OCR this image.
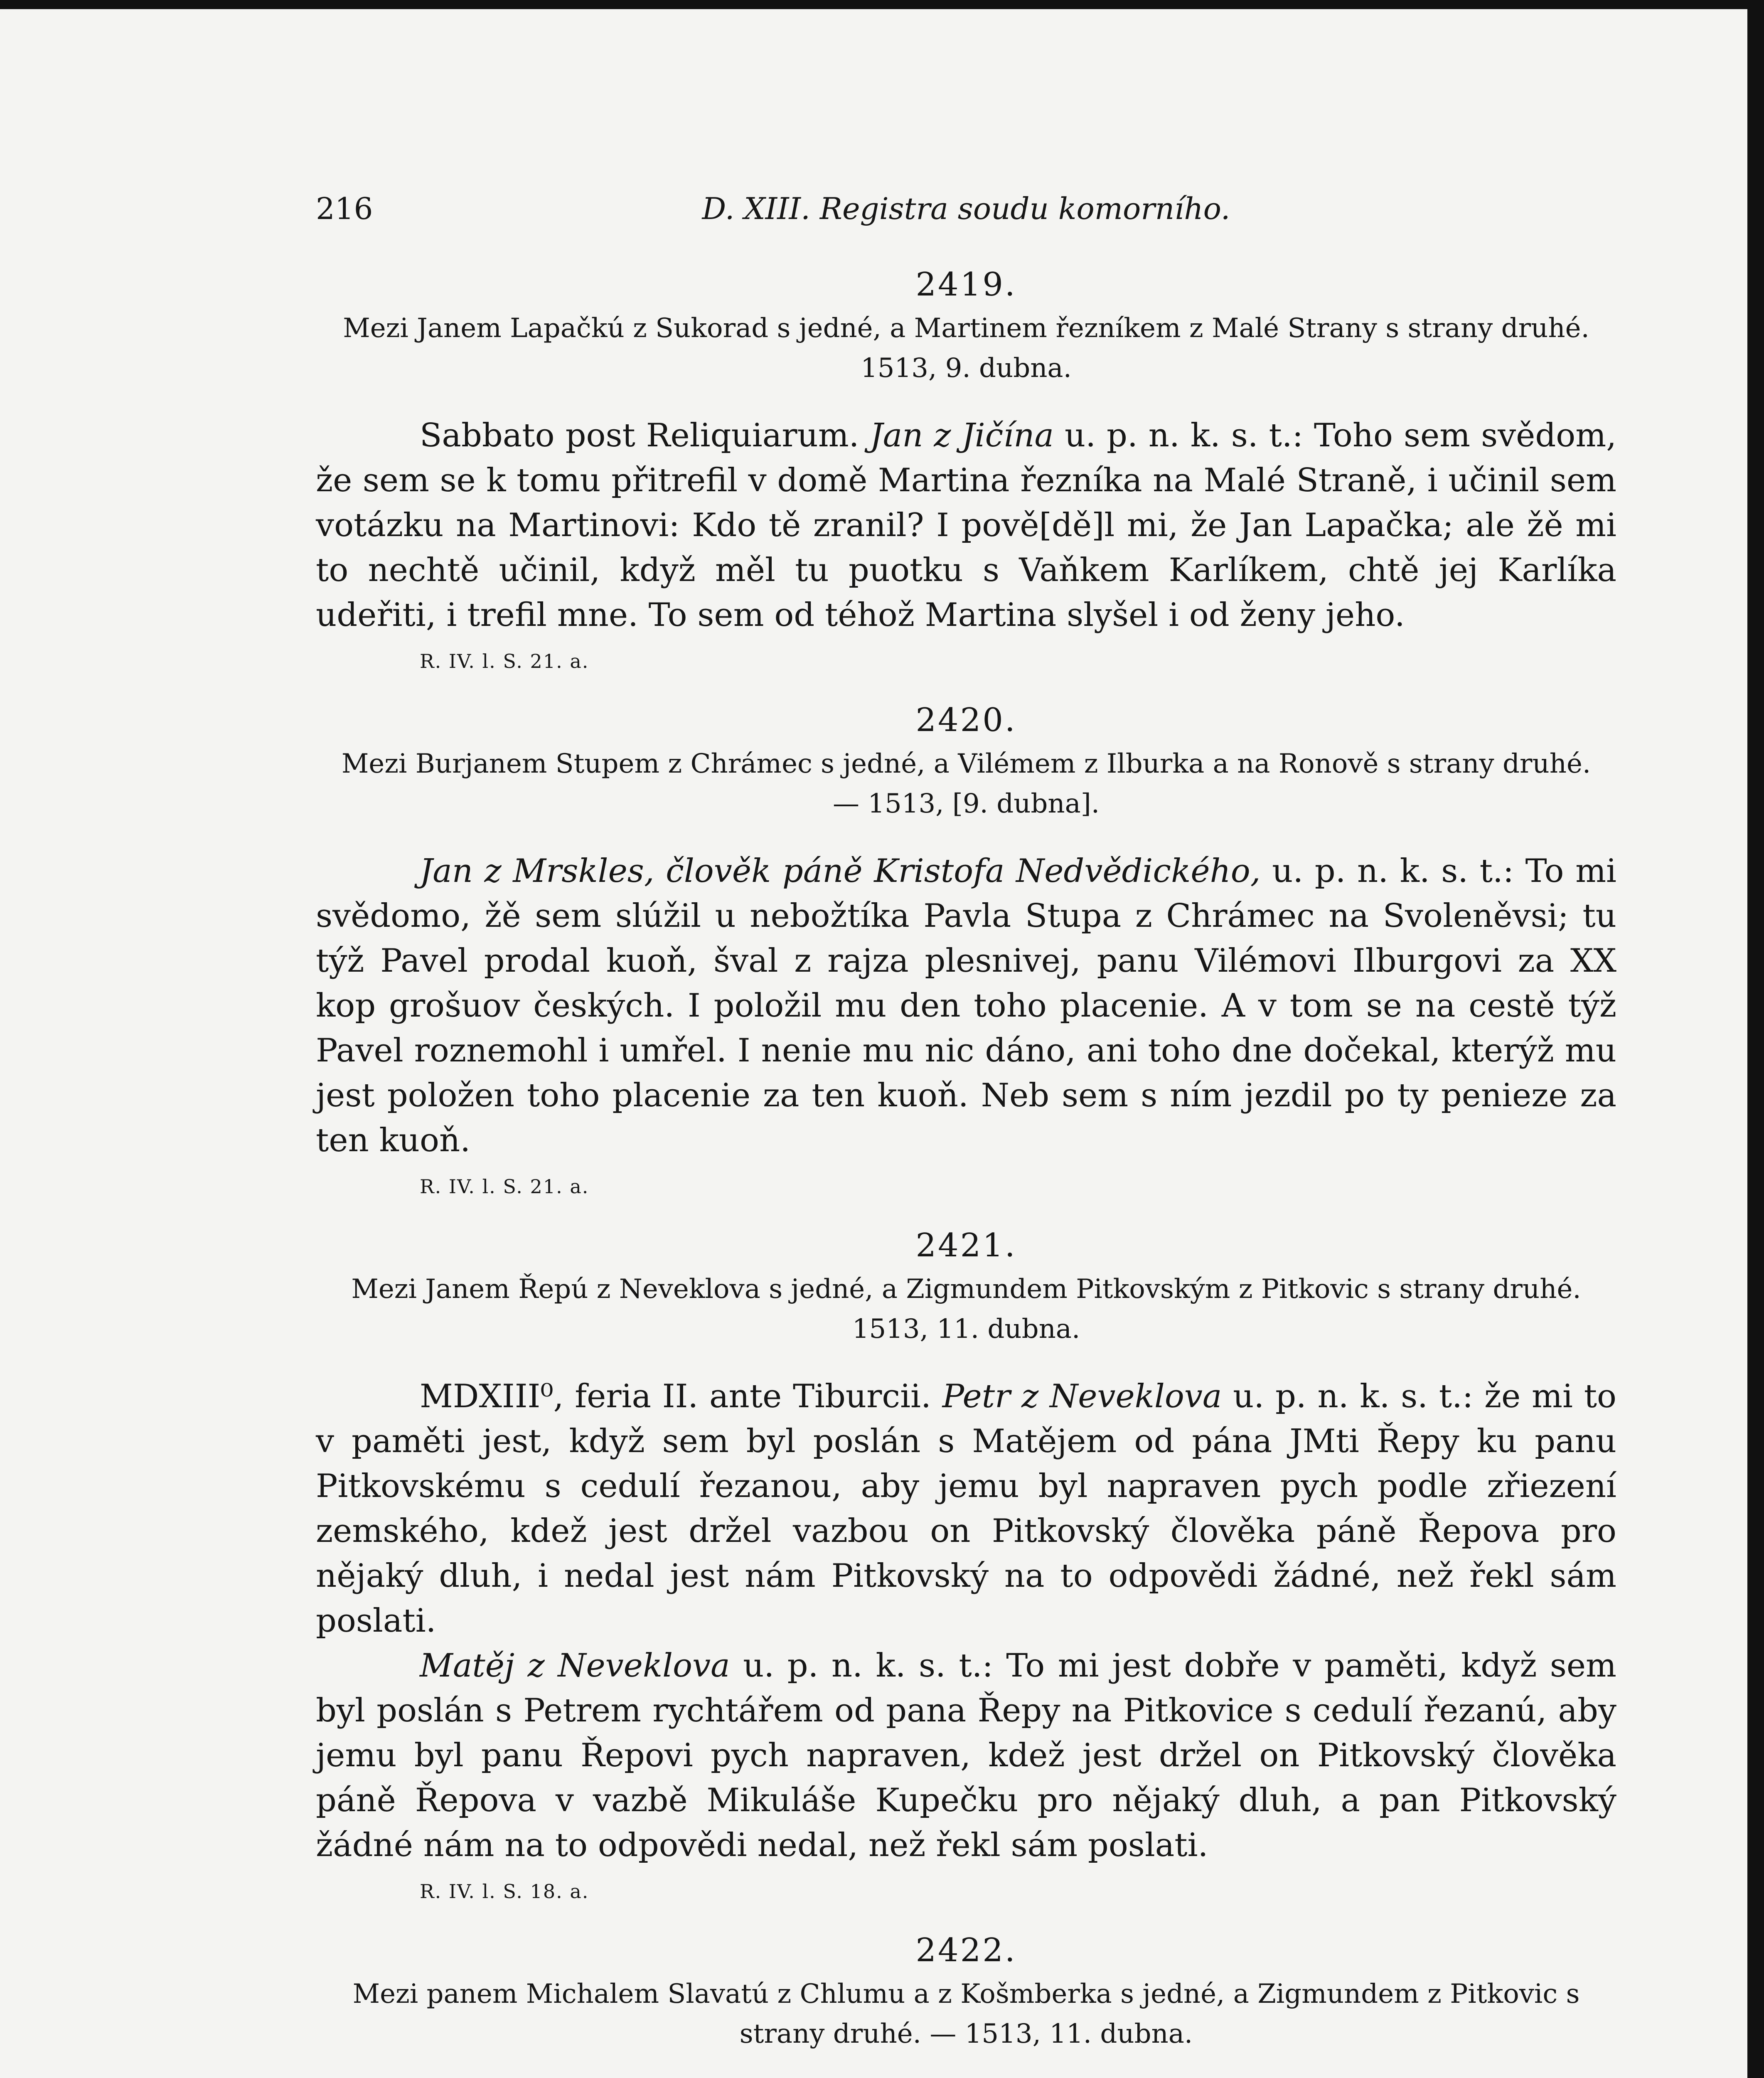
216	D. XIII. Registra soudu komorního.
2419.
Mezi Janem Lapačkú z Sukorad s jedné, a Martinem řezníkem z Malé Strany s strany druhé. 1513, 9. dubna.

Sabbato post Reliquiarum. Jan z Jičína u. p. n. k. s. t.: Toho sem svědom, že sem se k tomu přitrefil v domě Martina řezníka na Malé Straně, i učinil sem votázku na Martinovi: Kdo tě zranil? I pově[dě]l mi, že Jan Lapačka; ale žě mi to nechtě učinil, když měl tu puotku s Vaňkem Karlíkem, chtě jej Karlíka udeřiti, i trefil mne. To sem od téhož Martina slyšel i od ženy jeho.

R. IV. l. S. 21. a.
2420.
Mezi Burjanem Stupem z Chrámec s jedné, a Vilémem z Ilburka a na Ronově s strany druhé. — 1513, [9. dubna].

Jan z Mrskles, člověk páně Kristofa Nedvědického, u. p. n. k. s. t.: To mi svědomo, žě sem slúžil u nebožtíka Pavla Stupa z Chrámec na Svoleněvsi; tu týž Pavel prodal kuoň, šval z rajza plesnivej, panu Vilémovi Ilburgovi za XX kop grošuov českých. I položil mu den toho placenie. A v tom se na cestě týž Pavel roznemohl i umřel. I nenie mu nic dáno, ani toho dne dočekal, kterýž mu jest položen toho placenie za ten kuoň. Neb sem s ním jezdil po ty penieze za ten kuoň.

R. IV. l. S. 21. a.
2421.
Mezi Janem Řepú z Neveklova s jedné, a Zigmundem Pitkovským z Pitkovic s strany druhé. 1513, 11. dubna.

MDXIII⁰, feria II. ante Tiburcii. Petr z Neveklova u. p. n. k. s. t.: že mi to v paměti jest, když sem byl poslán s Matějem od pána JMti Řepy ku panu Pitkovskému s cedulí řezanou, aby jemu byl napraven pych podle zřiezení zemského, kdež jest držel vazbou on Pitkovský člověka páně Řepova pro nějaký dluh, i nedal jest nám Pitkovský na to odpovědi žádné, než řekl sám poslati.

Matěj z Neveklova u. p. n. k. s. t.: To mi jest dobře v paměti, když sem byl poslán s Petrem rychtářem od pana Řepy na Pitkovice s cedulí řezanú, aby jemu byl panu Řepovi pych napraven, kdež jest držel on Pitkovský člověka páně Řepova v vazbě Mikuláše Kupečku pro nějaký dluh, a pan Pitkovský žádné nám na to odpovědi nedal, než řekl sám poslati.

R. IV. l. S. 18. a.
2422.
Mezi panem Michalem Slavatú z Chlumu a z Košmberka s jedné, a Zigmundem z Pitkovic s strany druhé. — 1513, 11. dubna.
